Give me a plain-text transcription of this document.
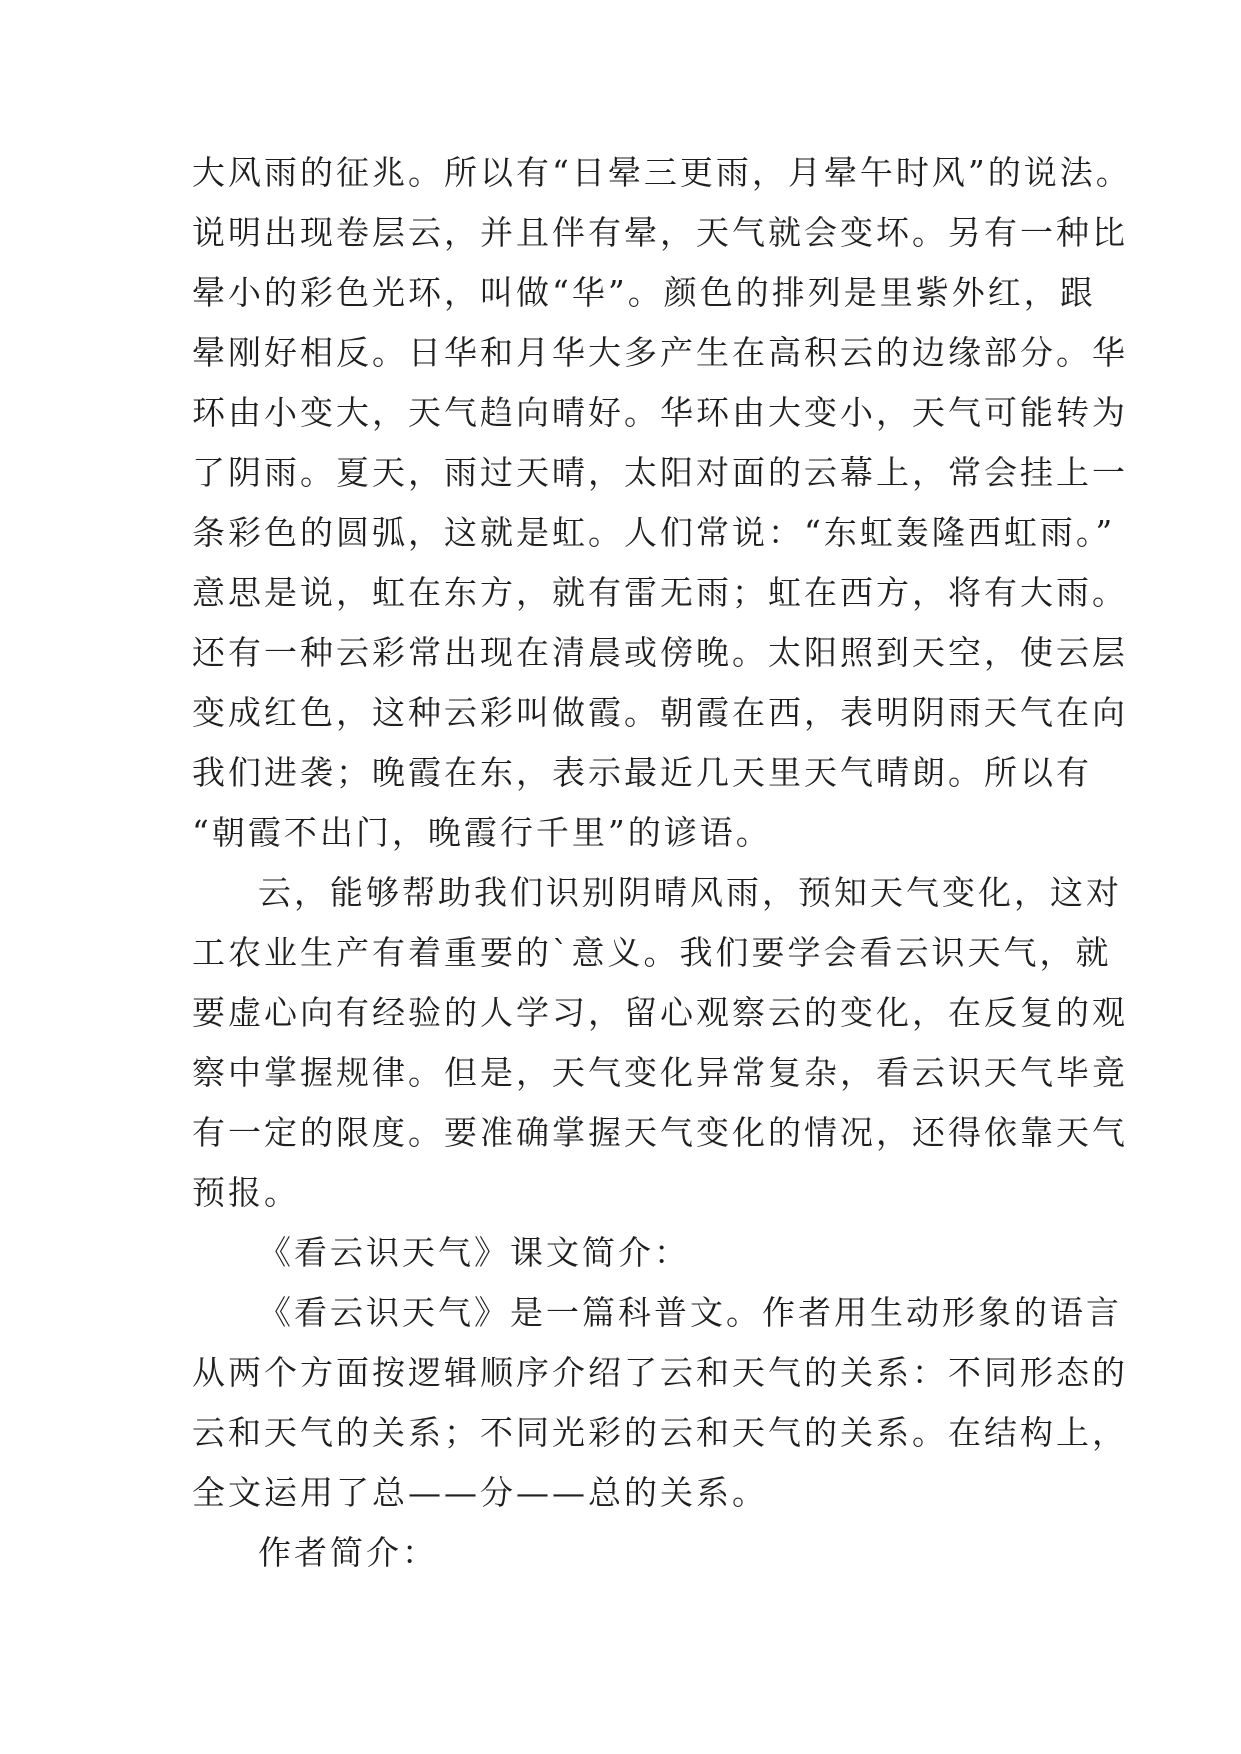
大风雨的征兆。所以有“日晕三更雨，月晕午时风”的说法。
说明出现卷层云，并且伴有晕，天气就会变坏。另有一种比
晕小的彩色光环，叫做“华”。颜色的排列是里紫外红，跟
晕刚好相反。日华和月华大多产生在高积云的边缘部分。华
环由小变大，天气趋向晴好。华环由大变小，天气可能转为
了阴雨。夏天，雨过天晴，太阳对面的云幕上，常会挂上一
条彩色的圆弧，这就是虹。人们常说：“东虹轰隆西虹雨。”
意思是说，虹在东方，就有雷无雨；虹在西方，将有大雨。
还有一种云彩常出现在清晨或傍晚。太阳照到天空，使云层
变成红色，这种云彩叫做霞。朝霞在西，表明阴雨天气在向
我们进袭；晚霞在东，表示最近几天里天气晴朗。所以有
“朝霞不出门，晚霞行千里”的谚语。
云，能够帮助我们识别阴晴风雨，预知天气变化，这对
工农业生产有着重要的`意义。我们要学会看云识天气，就
要虚心向有经验的人学习，留心观察云的变化，在反复的观
察中掌握规律。但是，天气变化异常复杂，看云识天气毕竟
有一定的限度。要准确掌握天气变化的情况，还得依靠天气
预报。
《看云识天气》课文简介：
《看云识天气》是一篇科普文。作者用生动形象的语言
从两个方面按逻辑顺序介绍了云和天气的关系：不同形态的
云和天气的关系；不同光彩的云和天气的关系。在结构上，
全文运用了总——分——总的关系。
作者简介：
